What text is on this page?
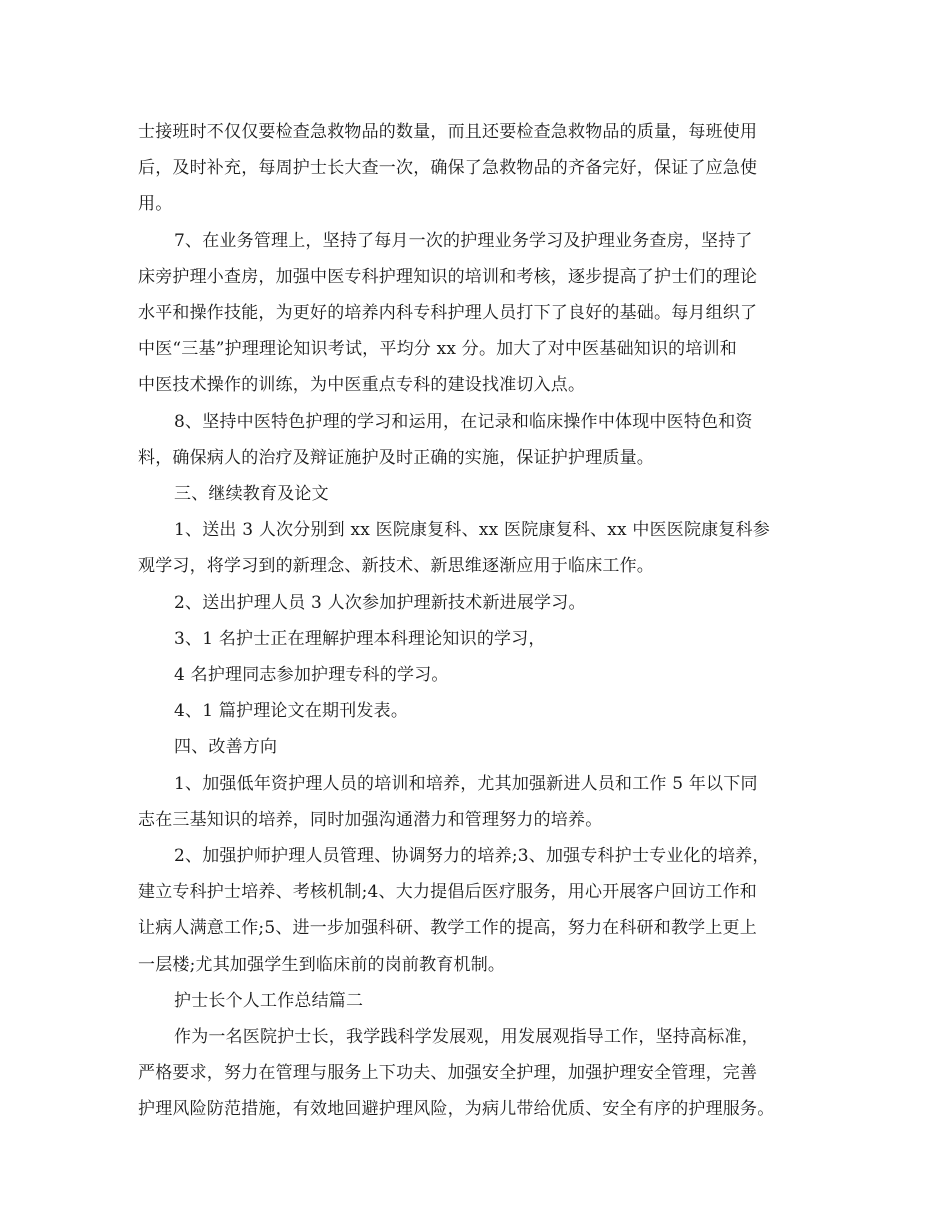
士接班时不仅仅要检查急救物品的数量，而且还要检查急救物品的质量，每班使用

后，及时补充，每周护士长大查一次，确保了急救物品的齐备完好，保证了应急使

用。

7、在业务管理上，坚持了每月一次的护理业务学习及护理业务查房，坚持了

床旁护理小查房，加强中医专科护理知识的培训和考核，逐步提高了护士们的理论

水平和操作技能，为更好的培养内科专科护理人员打下了良好的基础。每月组织了

中医“三基”护理理论知识考试，平均分 xx 分。加大了对中医基础知识的培训和

中医技术操作的训练，为中医重点专科的建设找准切入点。

8、坚持中医特色护理的学习和运用，在记录和临床操作中体现中医特色和资

料，确保病人的治疗及辩证施护及时正确的实施，保证护护理质量。

三、继续教育及论文

1、送出 3 人次分别到 xx 医院康复科、xx 医院康复科、xx 中医医院康复科参

观学习，将学习到的新理念、新技术、新思维逐渐应用于临床工作。

2、送出护理人员 3 人次参加护理新技术新进展学习。

3、1 名护士正在理解护理本科理论知识的学习，

4 名护理同志参加护理专科的学习。

4、1 篇护理论文在期刊发表。

四、改善方向

1、加强低年资护理人员的培训和培养，尤其加强新进人员和工作 5 年以下同

志在三基知识的培养，同时加强沟通潜力和管理努力的培养。

2、加强护师护理人员管理、协调努力的培养;3、加强专科护士专业化的培养，

建立专科护士培养、考核机制;4、大力提倡后医疗服务，用心开展客户回访工作和

让病人满意工作;5、进一步加强科研、教学工作的提高，努力在科研和教学上更上

一层楼;尤其加强学生到临床前的岗前教育机制。

护士长个人工作总结篇二

作为一名医院护士长，我学践科学发展观，用发展观指导工作，坚持高标准，

严格要求，努力在管理与服务上下功夫、加强安全护理，加强护理安全管理，完善

护理风险防范措施，有效地回避护理风险，为病儿带给优质、安全有序的护理服务。
